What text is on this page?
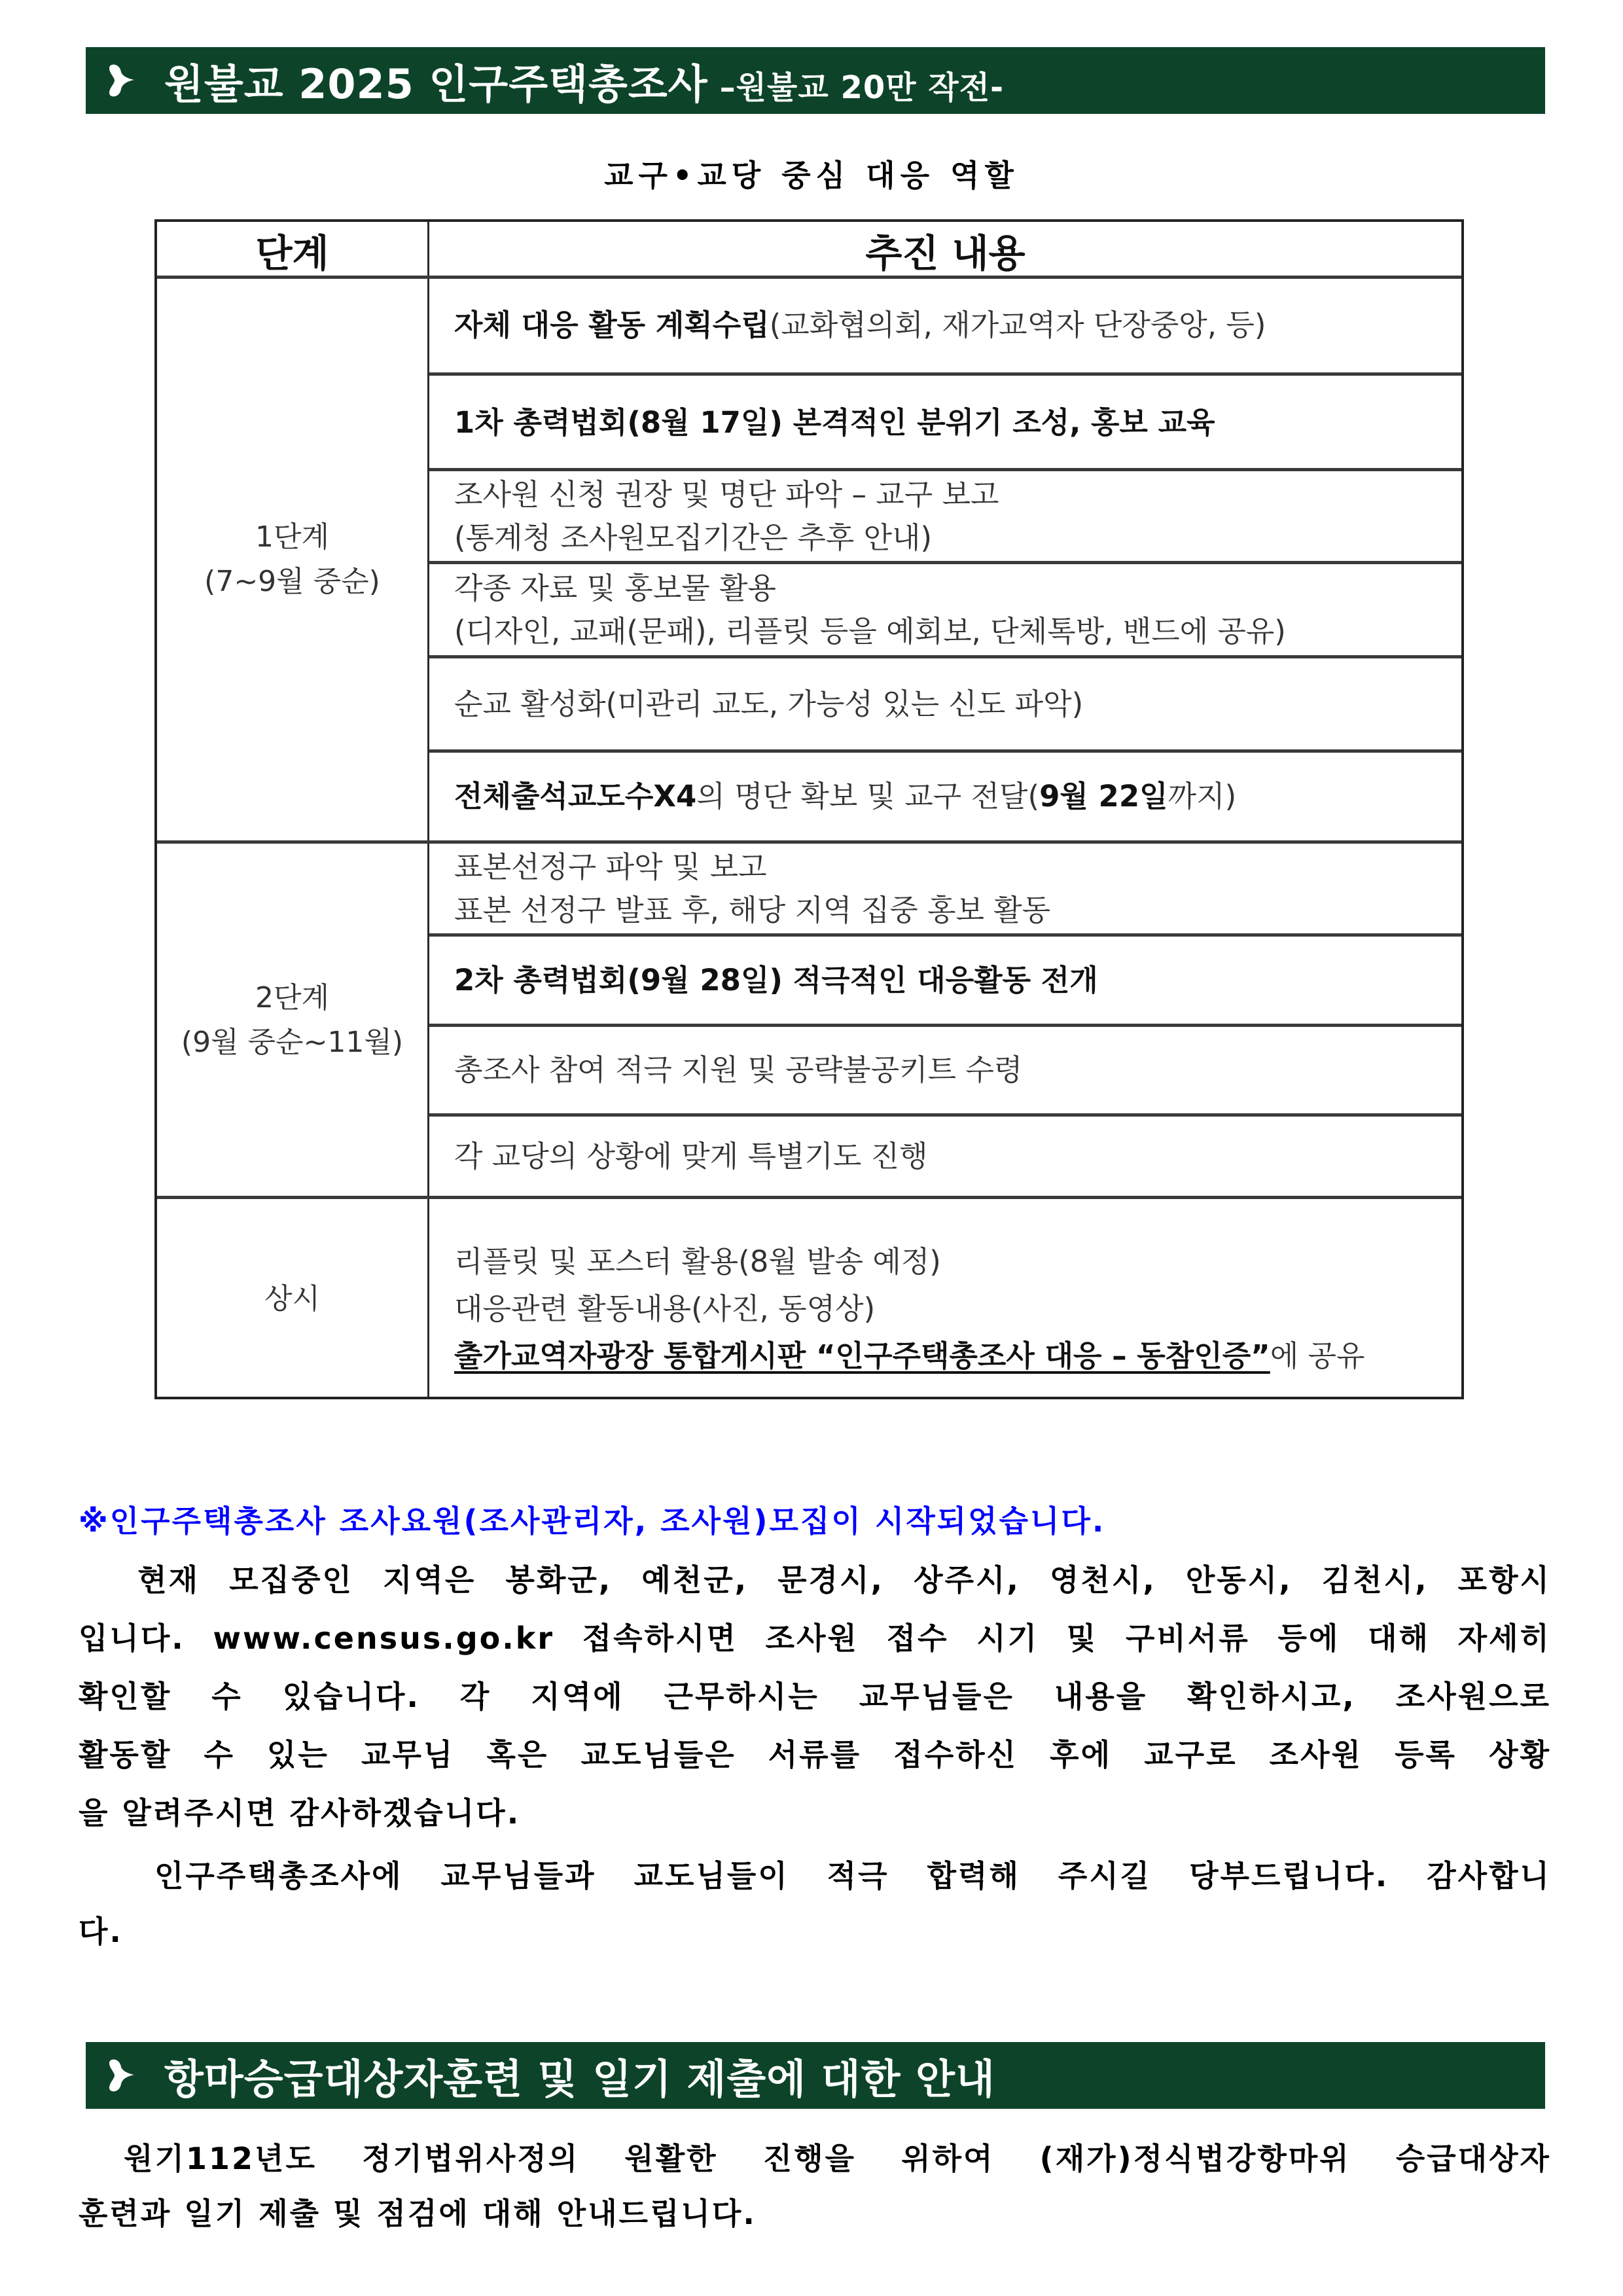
원불교 2025 인구주택총조사 –원불교 20만 작전-
교구•교당 중심 대응 역할
단계	추진 내용
1단계
(7~9월 중순)
2단계
(9월 중순~11월)
상시
자체 대응 활동 계획수립(교화협의회, 재가교역자 단장중앙, 등)
1차 총력법회(8월 17일) 본격적인 분위기 조성, 홍보 교육
조사원 신청 권장 및 명단 파악 – 교구 보고
(통계청 조사원모집기간은 추후 안내)
각종 자료 및 홍보물 활용
(디자인, 교패(문패), 리플릿 등을 예회보, 단체톡방, 밴드에 공유)
순교 활성화(미관리 교도, 가능성 있는 신도 파악)
전체출석교도수X4의 명단 확보 및 교구 전달(9월 22일까지)
표본선정구 파악 및 보고
표본 선정구 발표 후, 해당 지역 집중 홍보 활동
2차 총력법회(9월 28일) 적극적인 대응활동 전개
총조사 참여 적극 지원 및 공략불공키트 수령
각 교당의 상황에 맞게 특별기도 진행
리플릿 및 포스터 활용(8월 발송 예정)
대응관련 활동내용(사진, 동영상)
출가교역자광장 통합게시판 “인구주택총조사 대응 – 동참인증”에 공유
※인구주택총조사 조사요원(조사관리자, 조사원)모집이 시작되었습니다.
현재 모집중인 지역은 봉화군, 예천군, 문경시, 상주시, 영천시, 안동시, 김천시, 포항시
입니다. www.census.go.kr 접속하시면 조사원 접수 시기 및 구비서류 등에 대해 자세히
확인할 수 있습니다. 각 지역에 근무하시는 교무님들은 내용을 확인하시고, 조사원으로
활동할 수 있는 교무님 혹은 교도님들은 서류를 접수하신 후에 교구로 조사원 등록 상황
을 알려주시면 감사하겠습니다.
인구주택총조사에 교무님들과 교도님들이 적극 합력해 주시길 당부드립니다. 감사합니
다.
항마승급대상자훈련 및 일기 제출에 대한 안내
원기112년도 정기법위사정의 원활한 진행을 위하여 (재가)정식법강항마위 승급대상자
훈련과 일기 제출 및 점검에 대해 안내드립니다.
